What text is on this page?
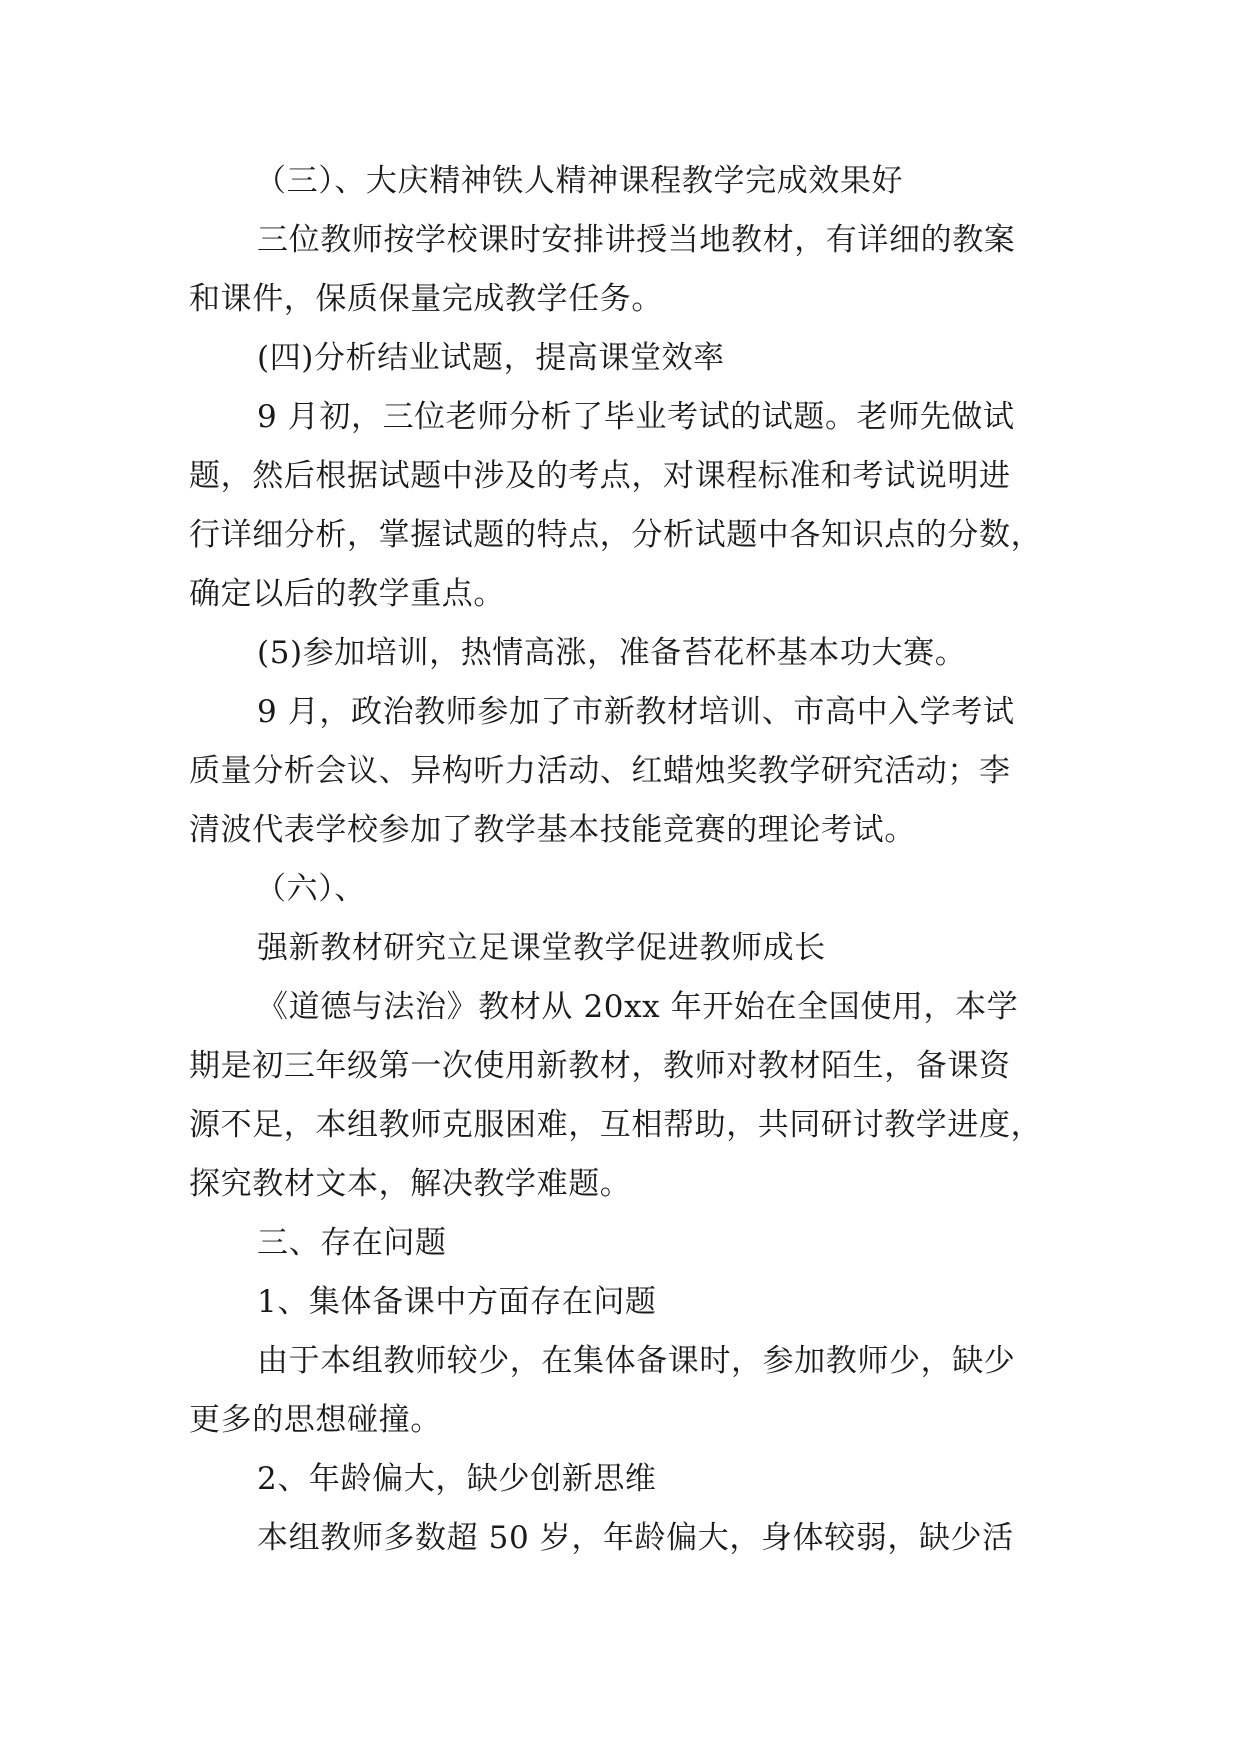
（三）、大庆精神铁人精神课程教学完成效果好
三位教师按学校课时安排讲授当地教材，有详细的教案
和课件，保质保量完成教学任务。
(四)分析结业试题，提高课堂效率
9 月初，三位老师分析了毕业考试的试题。老师先做试
题，然后根据试题中涉及的考点，对课程标准和考试说明进
行详细分析，掌握试题的特点，分析试题中各知识点的分数，
确定以后的教学重点。
(5)参加培训，热情高涨，准备苔花杯基本功大赛。
9 月，政治教师参加了市新教材培训、市高中入学考试
质量分析会议、异构听力活动、红蜡烛奖教学研究活动；李
清波代表学校参加了教学基本技能竞赛的理论考试。
（六）、
强新教材研究立足课堂教学促进教师成长
《道德与法治》教材从 20xx 年开始在全国使用，本学
期是初三年级第一次使用新教材，教师对教材陌生，备课资
源不足，本组教师克服困难，互相帮助，共同研讨教学进度，
探究教材文本，解决教学难题。
三、存在问题
1、集体备课中方面存在问题
由于本组教师较少，在集体备课时，参加教师少，缺少
更多的思想碰撞。
2、年龄偏大，缺少创新思维
本组教师多数超 50 岁，年龄偏大，身体较弱，缺少活
